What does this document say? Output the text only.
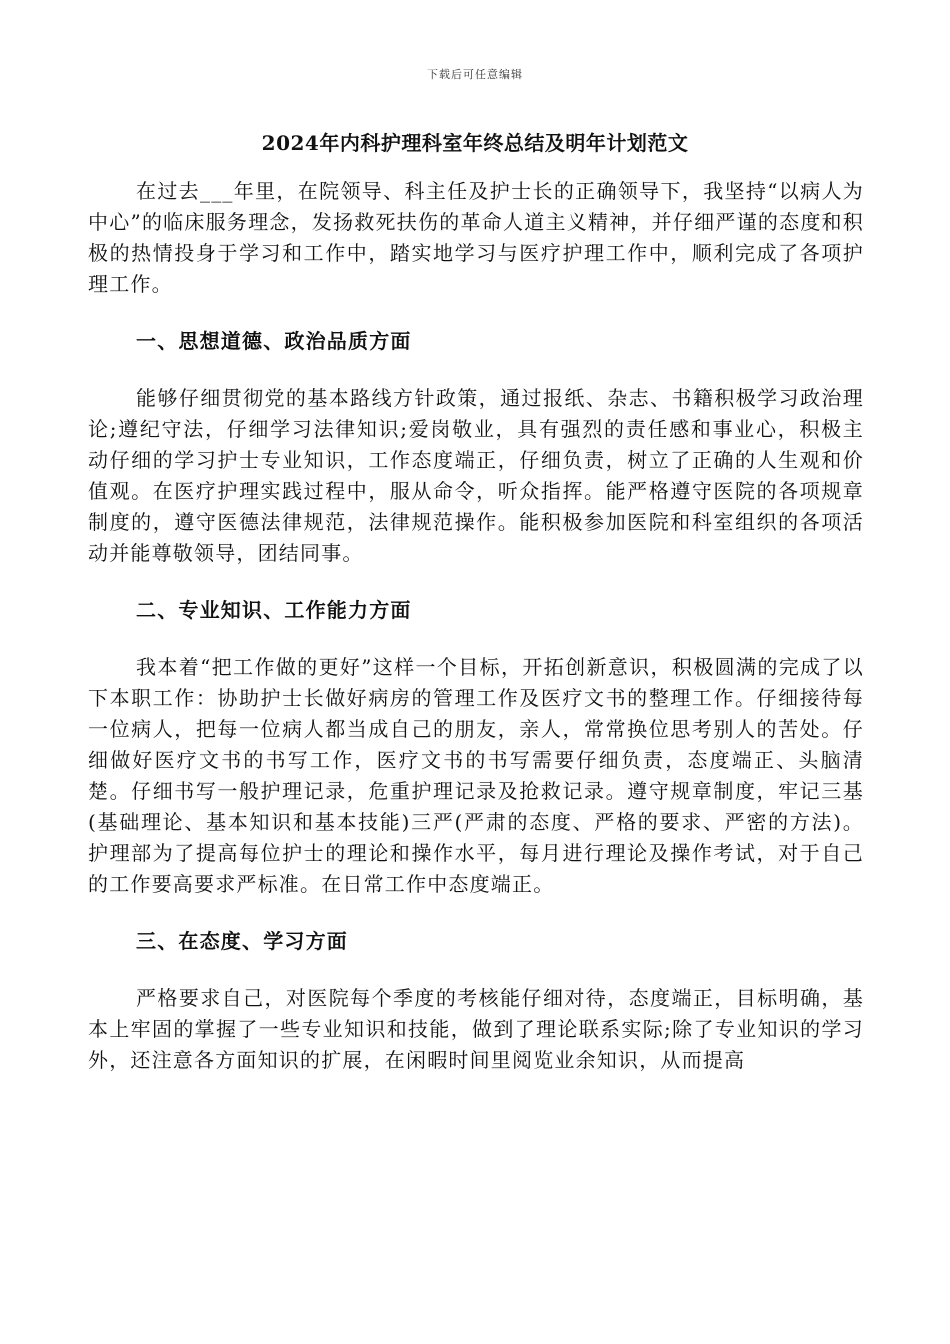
下载后可任意编辑
2024年内科护理科室年终总结及明年计划范文

在过去___年里，在院领导、科主任及护士长的正确领导下，我坚持“以病人为中心”的临床服务理念，发扬救死扶伤的革命人道主义精神，并仔细严谨的态度和积极的热情投身于学习和工作中，踏实地学习与医疗护理工作中，顺利完成了各项护理工作。

一、思想道德、政治品质方面

能够仔细贯彻党的基本路线方针政策，通过报纸、杂志、书籍积极学习政治理论;遵纪守法，仔细学习法律知识;爱岗敬业，具有强烈的责任感和事业心，积极主动仔细的学习护士专业知识，工作态度端正，仔细负责，树立了正确的人生观和价值观。在医疗护理实践过程中，服从命令，听众指挥。能严格遵守医院的各项规章制度的，遵守医德法律规范，法律规范操作。能积极参加医院和科室组织的各项活动并能尊敬领导，团结同事。

二、专业知识、工作能力方面

我本着“把工作做的更好”这样一个目标，开拓创新意识，积极圆满的完成了以下本职工作：协助护士长做好病房的管理工作及医疗文书的整理工作。仔细接待每一位病人，把每一位病人都当成自己的朋友，亲人，常常换位思考别人的苦处。仔细做好医疗文书的书写工作，医疗文书的书写需要仔细负责，态度端正、头脑清楚。仔细书写一般护理记录，危重护理记录及抢救记录。遵守规章制度，牢记三基(基础理论、基本知识和基本技能)三严(严肃的态度、严格的要求、严密的方法)。护理部为了提高每位护士的理论和操作水平，每月进行理论及操作考试，对于自己的工作要高要求严标准。在日常工作中态度端正。

三、在态度、学习方面

严格要求自己，对医院每个季度的考核能仔细对待，态度端正，目标明确，基本上牢固的掌握了一些专业知识和技能，做到了理论联系实际;除了专业知识的学习外，还注意各方面知识的扩展，在闲暇时间里阅览业余知识，从而提高
